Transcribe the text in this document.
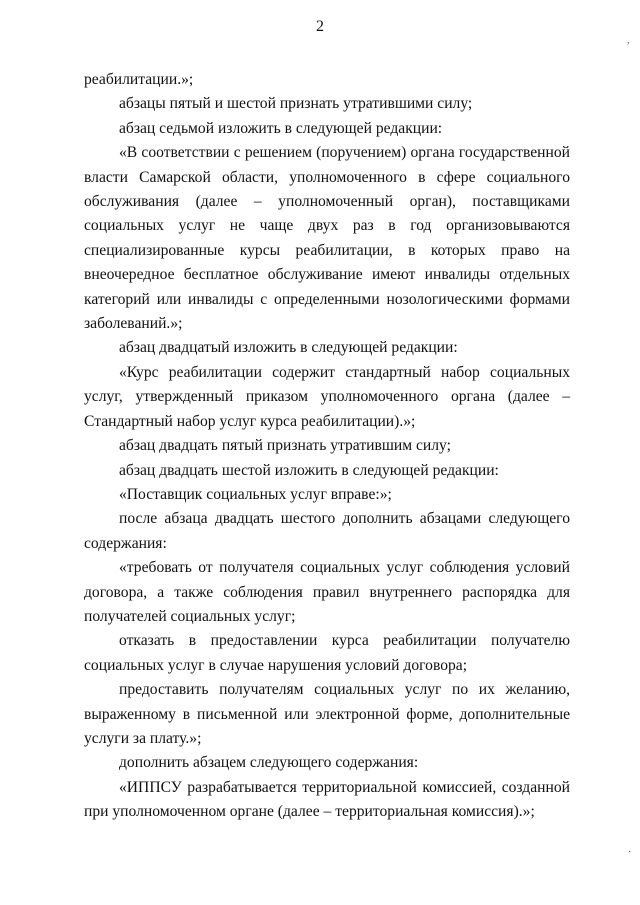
2

реабилитации.»;

абзацы пятый и шестой признать утратившими силу;

абзац седьмой изложить в следующей редакции:

«В соответствии с решением (поручением) органа государственной власти Самарской области, уполномоченного в сфере социального обслуживания (далее – уполномоченный орган), поставщиками социальных услуг не чаще двух раз в год организовываются специализированные курсы реабилитации, в которых право на внеочередное бесплатное обслуживание имеют инвалиды отдельных категорий или инвалиды с определенными нозологическими формами заболеваний.»;

абзац двадцатый изложить в следующей редакции:

«Курс реабилитации содержит стандартный набор социальных услуг, утвержденный приказом уполномоченного органа (далее – Стандартный набор услуг курса реабилитации).»;

абзац двадцать пятый признать утратившим силу;

абзац двадцать шестой изложить в следующей редакции:

«Поставщик социальных услуг вправе:»;

после абзаца двадцать шестого дополнить абзацами следующего содержания:

«требовать от получателя социальных услуг соблюдения условий договора, а также соблюдения правил внутреннего распорядка для получателей социальных услуг;

отказать в предоставлении курса реабилитации получателю социальных услуг в случае нарушения условий договора;

предоставить получателям социальных услуг по их желанию, выраженному в письменной или электронной форме, дополнительные услуги за плату.»;

дополнить абзацем следующего содержания:

«ИППСУ разрабатывается территориальной комиссией, созданной при уполномоченном органе (далее – территориальная комиссия).»;

,
·
